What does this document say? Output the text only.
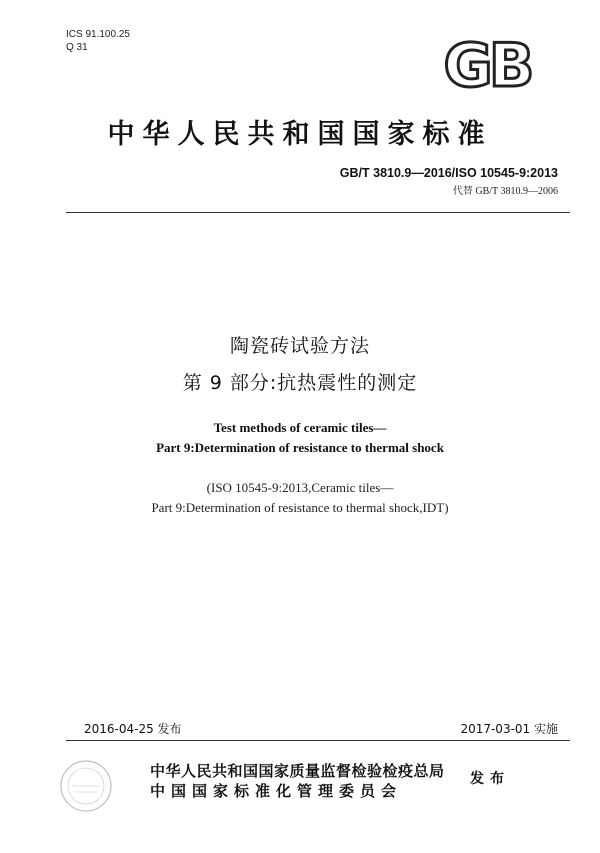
ICS 91.100.25
Q 31	GB
中华人民共和国国家标准
GB/T 3810.9—2016/ISO 10545-9:2013
代替 GB/T 3810.9—2006
陶瓷砖试验方法
第 9 部分:抗热震性的测定
Test methods of ceramic tiles—
Part 9:Determination of resistance to thermal shock
(ISO 10545-9:2013,Ceramic tiles—
Part 9:Determination of resistance to thermal shock,IDT)
2016-04-25 发布	2017-03-01 实施
中华人民共和国国家质量监督检验检疫总局
中国国家标准化管理委员会
发布
